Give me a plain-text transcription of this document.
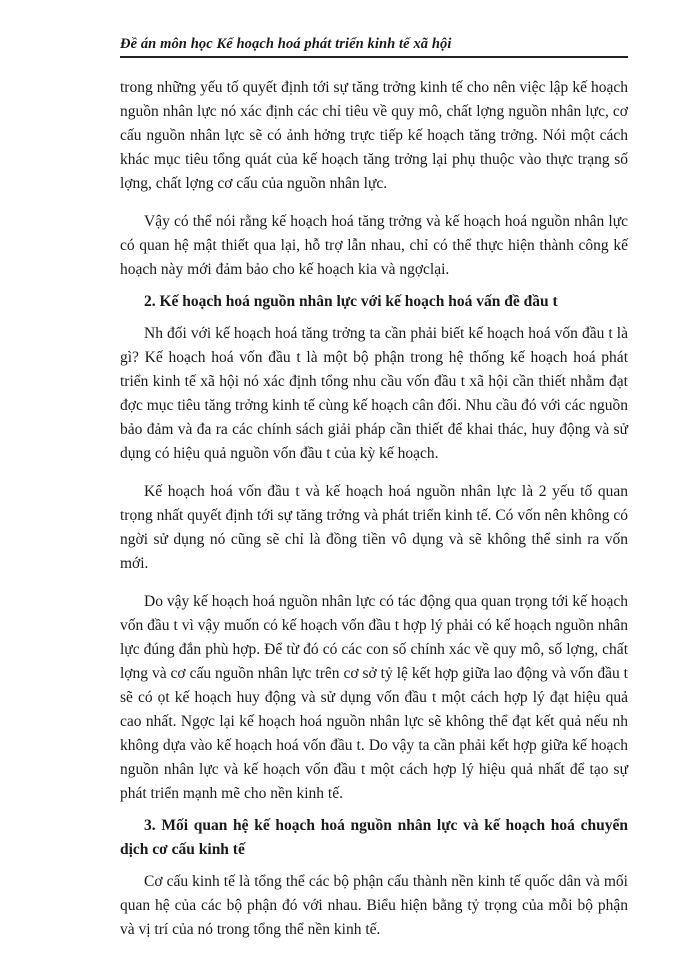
Đề án môn học Kế hoạch hoá phát triển kinh tế xã hội

trong những yếu tố quyết định tới sự tăng trởng kinh tế cho nên việc lập kế hoạch nguồn nhân lực nó xác định các chỉ tiêu về quy mô, chất lợng nguồn nhân lực, cơ cấu nguồn nhân lực sẽ có ảnh hởng trực tiếp kế hoạch tăng trởng. Nói một cách khác mục tiêu tổng quát của kế hoạch tăng trởng lại phụ thuộc vào thực trạng số lợng, chất lợng cơ cấu của nguồn nhân lực.

Vậy có thể nói rằng kế hoạch hoá tăng trởng và kế hoạch hoá nguồn nhân lực có quan hệ mật thiết qua lại, hỗ trợ lẫn nhau, chỉ có thể thực hiện thành công kế hoạch này mới đảm bảo cho kế hoạch kia và ngợclại.

2. Kế hoạch hoá nguồn nhân lực với kế hoạch hoá vấn đề đầu t

Nh đối với kế hoạch hoá tăng trởng ta cần phải biết kế hoạch hoá vốn đầu t là gì? Kế hoạch hoá vốn đầu t là một bộ phận trong hệ thống kế hoạch hoá phát triển kinh tế xã hội nó xác định tổng nhu cầu vốn đầu t xã hội cần thiết nhằm đạt đợc mục tiêu tăng trởng kinh tế cùng kế hoạch cân đối. Nhu cầu đó với các nguồn bảo đảm và đa ra các chính sách giải pháp cần thiết để khai thác, huy động và sử dụng có hiệu quả nguồn vốn đầu t của kỳ kế hoạch.

Kế hoạch hoá vốn đầu t và kế hoạch hoá nguồn nhân lực là 2 yếu tố quan trọng nhất quyết định tới sự tăng trởng và phát triển kinh tế. Có vốn nên không có ngời sử dụng nó cũng sẽ chỉ là đồng tiền vô dụng và sẽ không thể sinh ra vốn mới.

Do vậy kế hoạch hoá nguồn nhân lực có tác động qua quan trọng tới kế hoạch vốn đầu t vì vậy muốn có kế hoạch vốn đầu t hợp lý phải có kế hoạch nguồn nhân lực đúng đắn phù hợp. Để từ đó có các con số chính xác về quy mô, số lợng, chất lợng và cơ cấu nguồn nhân lực trên cơ sở tỷ lệ kết hợp giữa lao động và vốn đầu t sẽ có ọt kế hoạch huy động và sử dụng vốn đầu t một cách hợp lý đạt hiệu quả cao nhất. Ngợc lại kế hoạch hoá nguồn nhân lực sẽ không thể đạt kết quả nếu nh không dựa vào kế hoạch hoá vốn đầu t. Do vậy ta cần phải kết hợp giữa kế hoạch nguồn nhân lực và kế hoạch vốn đầu t một cách hợp lý hiệu quả nhất để tạo sự phát triển mạnh mẽ cho nền kinh tế.

3. Mối quan hệ kế hoạch hoá nguồn nhân lực và kế hoạch hoá chuyển dịch cơ cấu kinh tế

Cơ cấu kinh tế là tổng thể các bộ phận cấu thành nền kinh tế quốc dân và mối quan hệ của các bộ phận đó với nhau. Biểu hiện bằng tỷ trọng của mỗi bộ phận và vị trí của nó trong tổng thể nền kinh tế.
